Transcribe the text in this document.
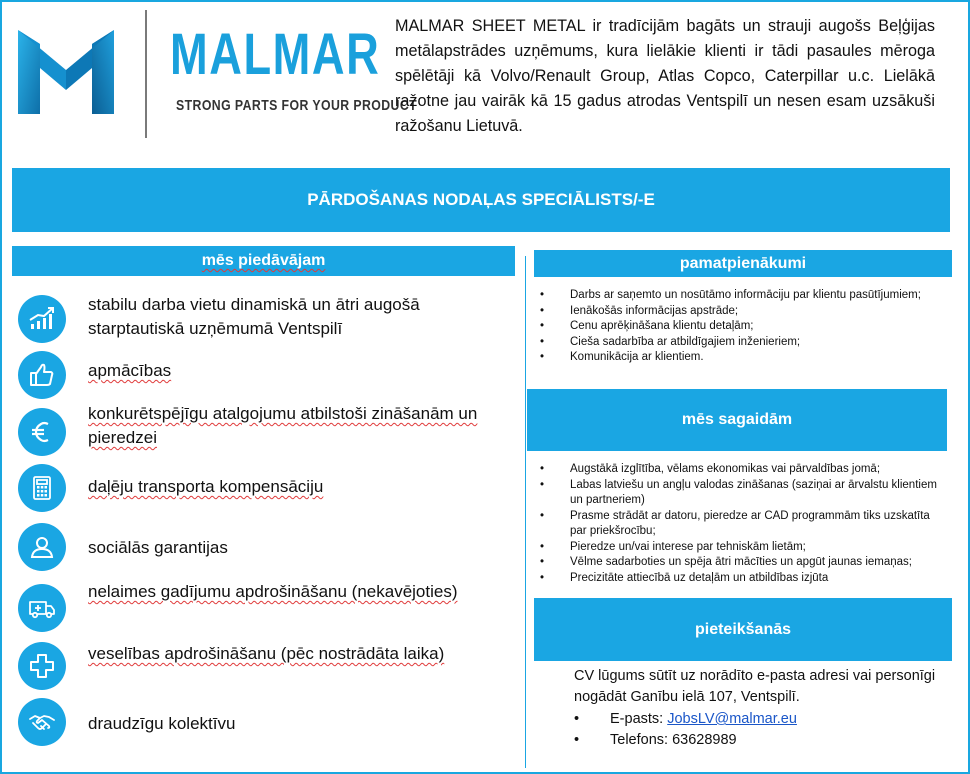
MALMAR
STRONG PARTS FOR YOUR PRODUCT

MALMAR SHEET METAL ir tradīcijām bagāts un strauji augošs Beļģijas metālapstrādes uzņēmums, kura lielākie klienti ir tādi pasaules mēroga spēlētāji kā Volvo/Renault Group, Atlas Copco, Caterpillar u.c. Lielākā ražotne jau vairāk kā 15 gadus atrodas Ventspilī un nesen esam uzsākuši ražošanu Lietuvā.

PĀRDOŠANAS NODAĻAS SPECIĀLISTS/-E
mēs piedāvājam
stabilu darba vietu dinamiskā un ātri augošā starptautiskā uzņēmumā Ventspilī
apmācības
konkurētspējīgu atalgojumu atbilstoši zināšanām un pieredzei
daļēju transporta kompensāciju
sociālās garantijas
nelaimes gadījumu apdrošināšanu (nekavējoties)
veselības apdrošināšanu (pēc nostrādāta laika)
draudzīgu kolektīvu
pamatpienākumi
• Darbs ar saņemto un nosūtāmo informāciju par klientu pasūtījumiem;
• Ienākošās informācijas apstrāde;
• Cenu aprēķināšana klientu detaļām;
• Cieša sadarbība ar atbildīgajiem inženieriem;
• Komunikācija ar klientiem.
mēs sagaidām
• Augstākā izglītība, vēlams ekonomikas vai pārvaldības jomā;
• Labas latviešu un angļu valodas zināšanas (saziņai ar ārvalstu klientiem un partneriem)
• Prasme strādāt ar datoru, pieredze ar CAD programmām tiks uzskatīta par priekšrocību;
• Pieredze un/vai interese par tehniskām lietām;
• Vēlme sadarboties un spēja ātri mācīties un apgūt jaunas iemaņas;
• Precizitāte attiecībā uz detaļām un atbildības izjūta
pieteikšanās

CV lūgums sūtīt uz norādīto e-pasta adresi vai personīgi nogādāt Ganību ielā 107, Ventspilī.

• E-pasts: JobsLV@malmar.eu
• Telefons: 63628989
